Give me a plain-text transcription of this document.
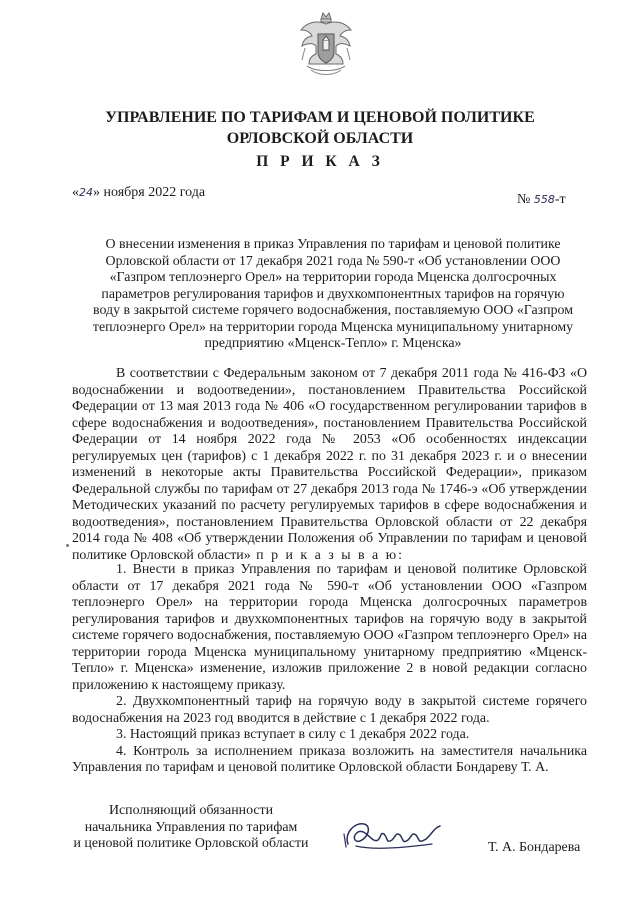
УПРАВЛЕНИЕ ПО ТАРИФАМ И ЦЕНОВОЙ ПОЛИТИКЕ
ОРЛОВСКОЙ ОБЛАСТИ
П Р И К А З
«24» ноября 2022 года	№ 558-т
О внесении изменения в приказ Управления по тарифам и ценовой политике Орловской области от 17 декабря 2021 года № 590-т «Об установлении ООО «Газпром теплоэнерго Орел» на территории города Мценска долгосрочных параметров регулирования тарифов и двухкомпонентных тарифов на горячую воду в закрытой системе горячего водоснабжения, поставляемую ООО «Газпром теплоэнерго Орел» на территории города Мценска муниципальному унитарному предприятию «Мценск-Тепло» г. Мценска»
В соответствии с Федеральным законом от 7 декабря 2011 года № 416-ФЗ «О водоснабжении и водоотведении», постановлением Правительства Российской Федерации от 13 мая 2013 года № 406 «О государственном регулировании тарифов в сфере водоснабжения и водоотведения», постановлением Правительства Российской Федерации от 14 ноября 2022 года № 2053 «Об особенностях индексации регулируемых цен (тарифов) с 1 декабря 2022 г. по 31 декабря 2023 г. и о внесении изменений в некоторые акты Правительства Российской Федерации», приказом Федеральной службы по тарифам от 27 декабря 2013 года № 1746-э «Об утверждении Методических указаний по расчету регулируемых тарифов в сфере водоснабжения и водоотведения», постановлением Правительства Орловской области от 22 декабря 2014 года № 408 «Об утверждении Положения об Управлении по тарифам и ценовой политике Орловской области» п р и к а з ы в а ю:

1. Внести в приказ Управления по тарифам и ценовой политике Орловской области от 17 декабря 2021 года № 590-т «Об установлении ООО «Газпром теплоэнерго Орел» на территории города Мценска долгосрочных параметров регулирования тарифов и двухкомпонентных тарифов на горячую воду в закрытой системе горячего водоснабжения, поставляемую ООО «Газпром теплоэнерго Орел» на территории города Мценска муниципальному унитарному предприятию «Мценск-Тепло» г. Мценска» изменение, изложив приложение 2 в новой редакции согласно приложению к настоящему приказу.

2. Двухкомпонентный тариф на горячую воду в закрытой системе горячего водоснабжения на 2023 год вводится в действие с 1 декабря 2022 года.

3. Настоящий приказ вступает в силу с 1 декабря 2022 года.

4. Контроль за исполнением приказа возложить на заместителя начальника Управления по тарифам и ценовой политике Орловской области Бондареву Т. А.

Исполняющий обязанности
начальника Управления по тарифам
и ценовой политике Орловской области	Т. А. Бондарева
